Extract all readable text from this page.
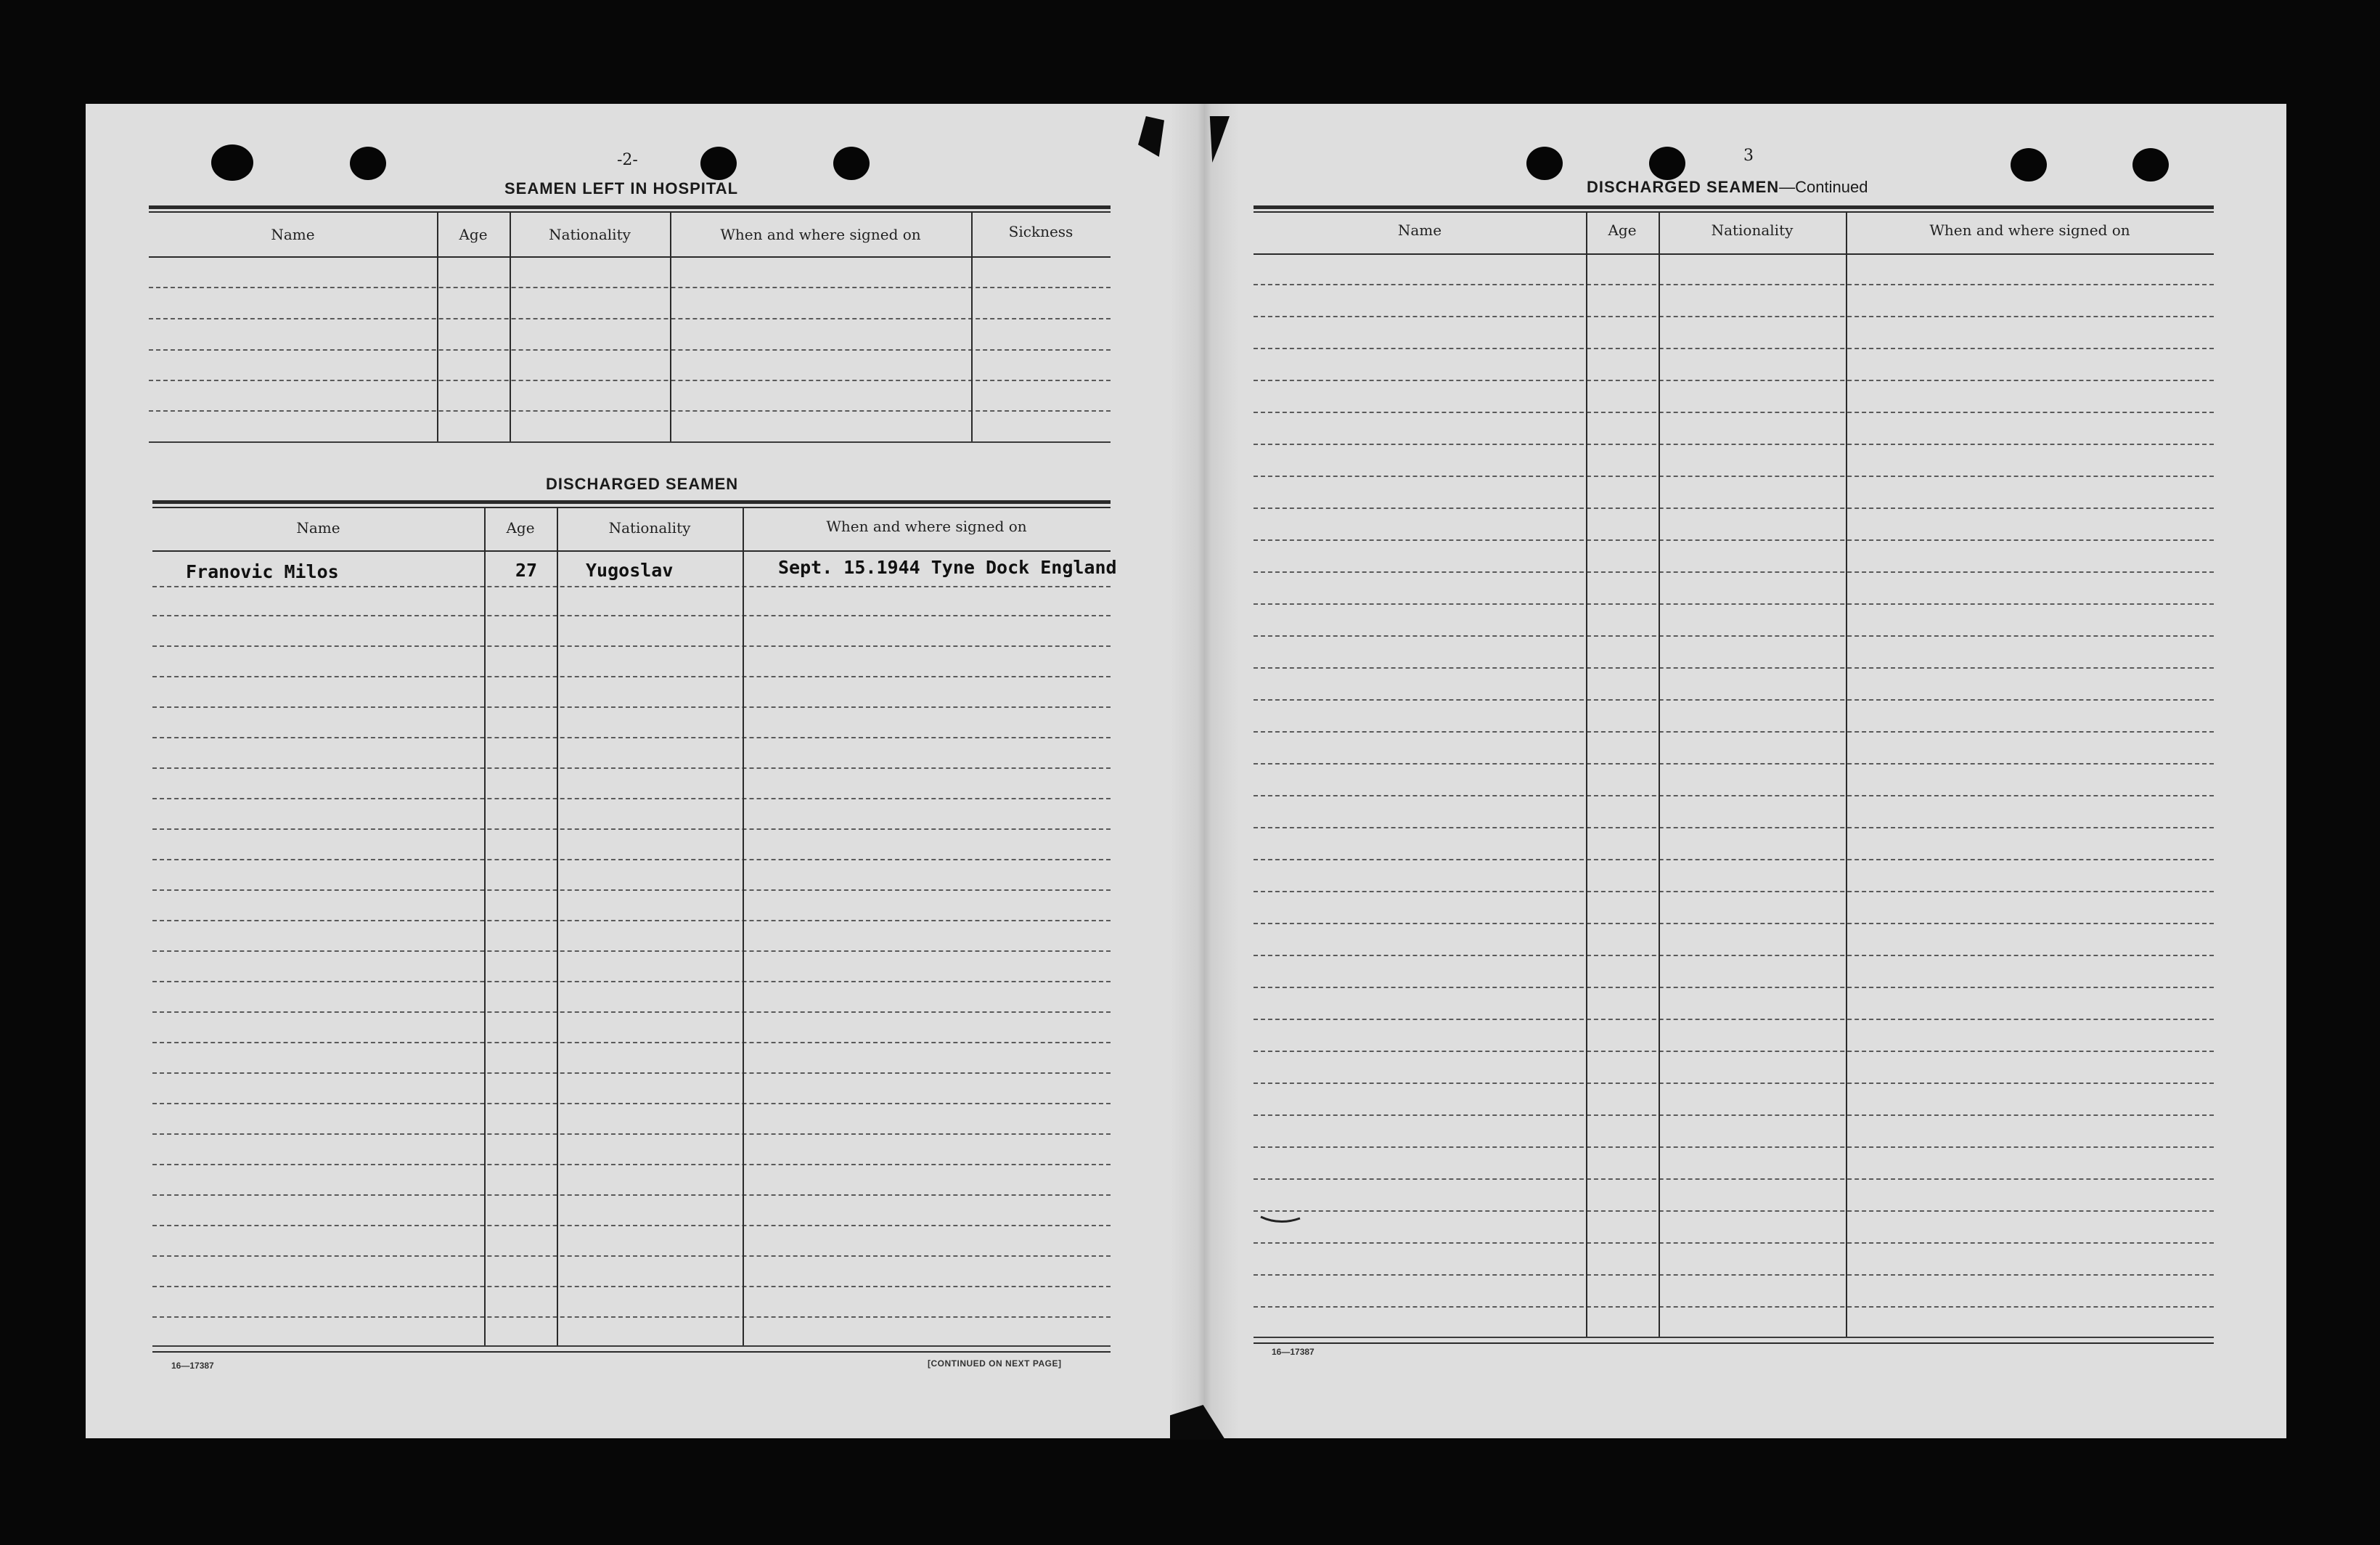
-2-
SEAMEN LEFT IN HOSPITAL
Name	Age	Nationality	When and where signed on	Sickness
DISCHARGED SEAMEN
Name	Age	Nationality	When and where signed on
Franovic Milos	27	Yugoslav	Sept. 15.1944 Tyne Dock England
16—17387	[CONTINUED ON NEXT PAGE]
3
DISCHARGED SEAMEN—Continued
Name	Age	Nationality	When and where signed on
16—17387
